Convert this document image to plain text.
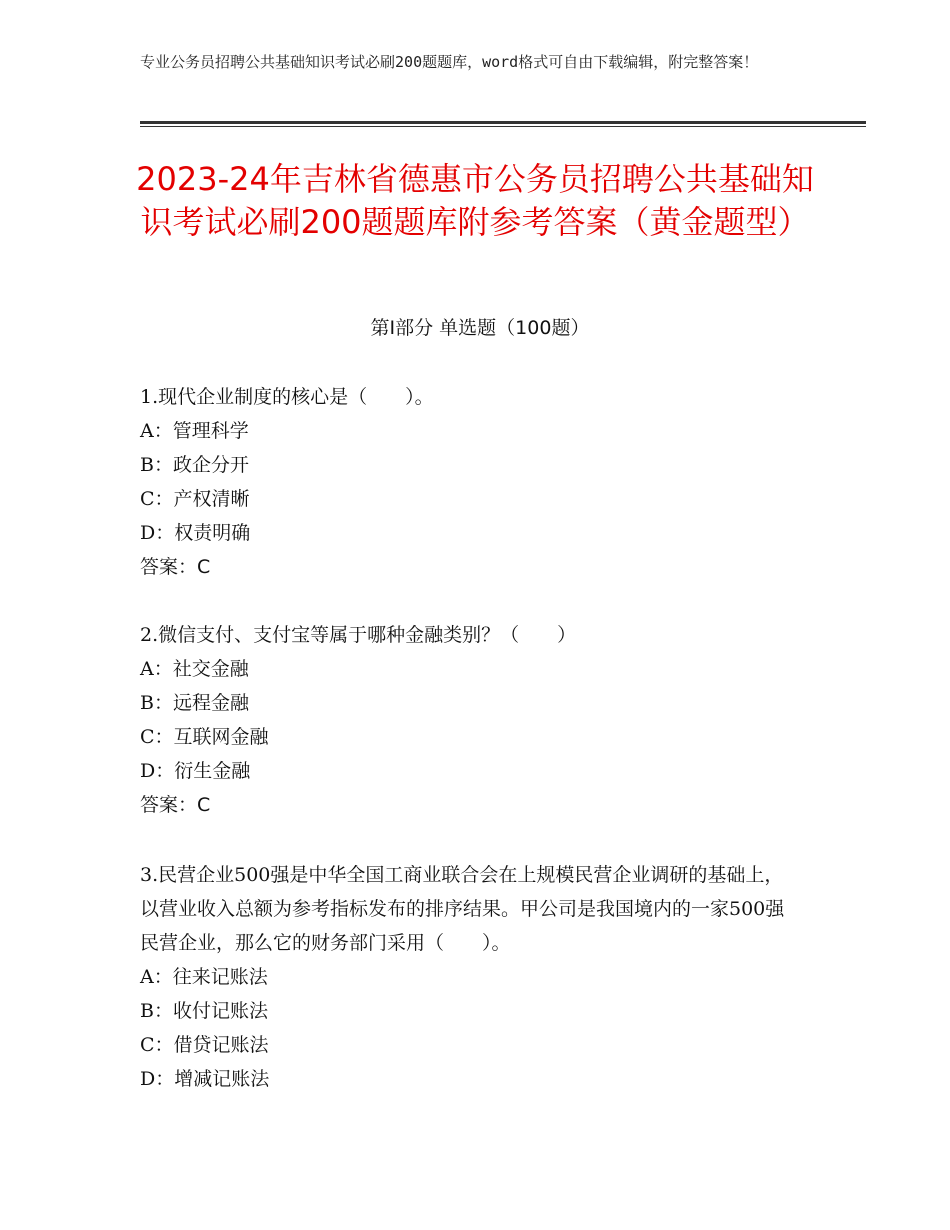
专业公务员招聘公共基础知识考试必刷200题题库，word格式可自由下载编辑，附完整答案！
2023-24年吉林省德惠市公务员招聘公共基础知识考试必刷200题题库附参考答案（黄金题型）
第Ⅰ部分 单选题（100题）

1.现代企业制度的核心是（　　）。

A：管理科学

B：政企分开

C：产权清晰

D：权责明确

答案：C

2.微信支付、支付宝等属于哪种金融类别？（　　）

A：社交金融

B：远程金融

C：互联网金融

D：衍生金融

答案：C

3.民营企业500强是中华全国工商业联合会在上规模民营企业调研的基础上，以营业收入总额为参考指标发布的排序结果。甲公司是我国境内的一家500强民营企业，那么它的财务部门采用（　　）。

A：往来记账法

B：收付记账法

C：借贷记账法

D：增减记账法
